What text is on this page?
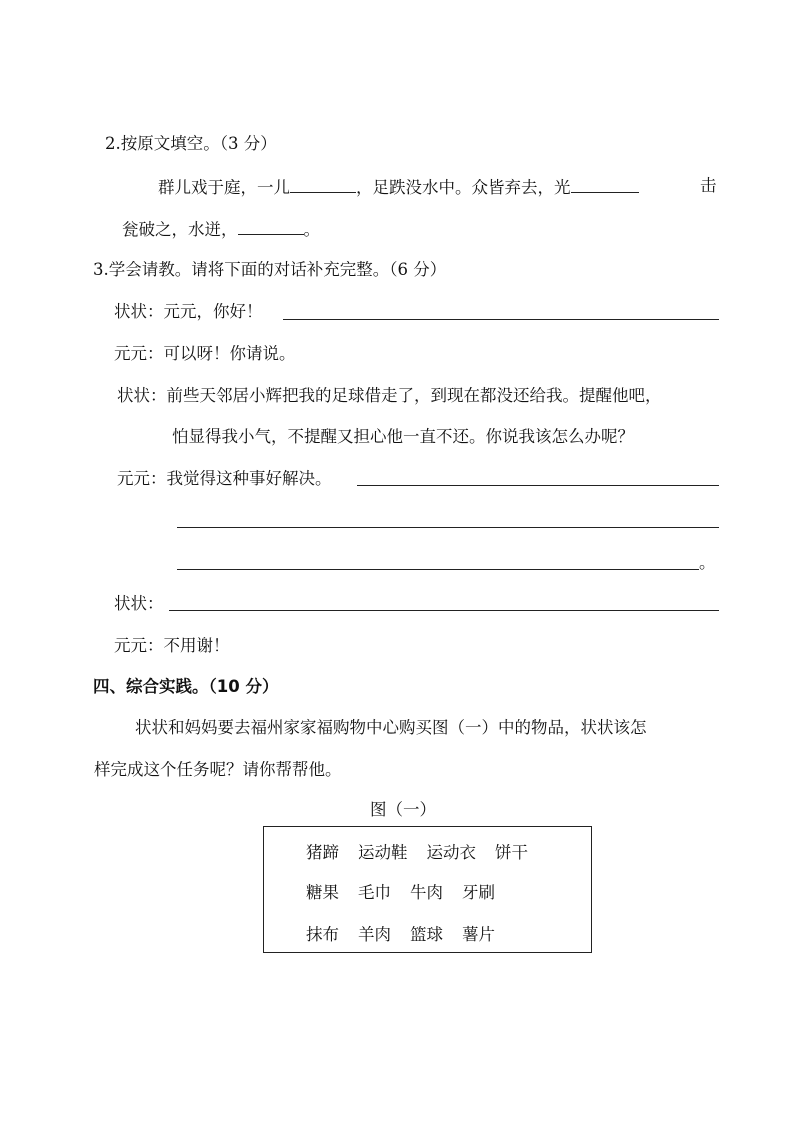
2.按原文填空。（3 分）
群儿戏于庭，一儿	，足跌没水中。众皆弃去，光	击
瓮破之，水迸，	。
3.学会请教。请将下面的对话补充完整。（6 分）
状状：元元，你好！
元元：可以呀！你请说。
状状：前些天邻居小辉把我的足球借走了，到现在都没还给我。提醒他吧，
怕显得我小气，不提醒又担心他一直不还。你说我该怎么办呢？
元元：我觉得这种事好解决。
。
状状：
元元：不用谢！
四、综合实践。（10 分）
状状和妈妈要去福州家家福购物中心购买图（一）中的物品，状状该怎
样完成这个任务呢？请你帮帮他。
图（一）
猪蹄 运动鞋 运动衣 饼干
糖果 毛巾 牛肉 牙刷
抹布 羊肉 篮球 薯片
